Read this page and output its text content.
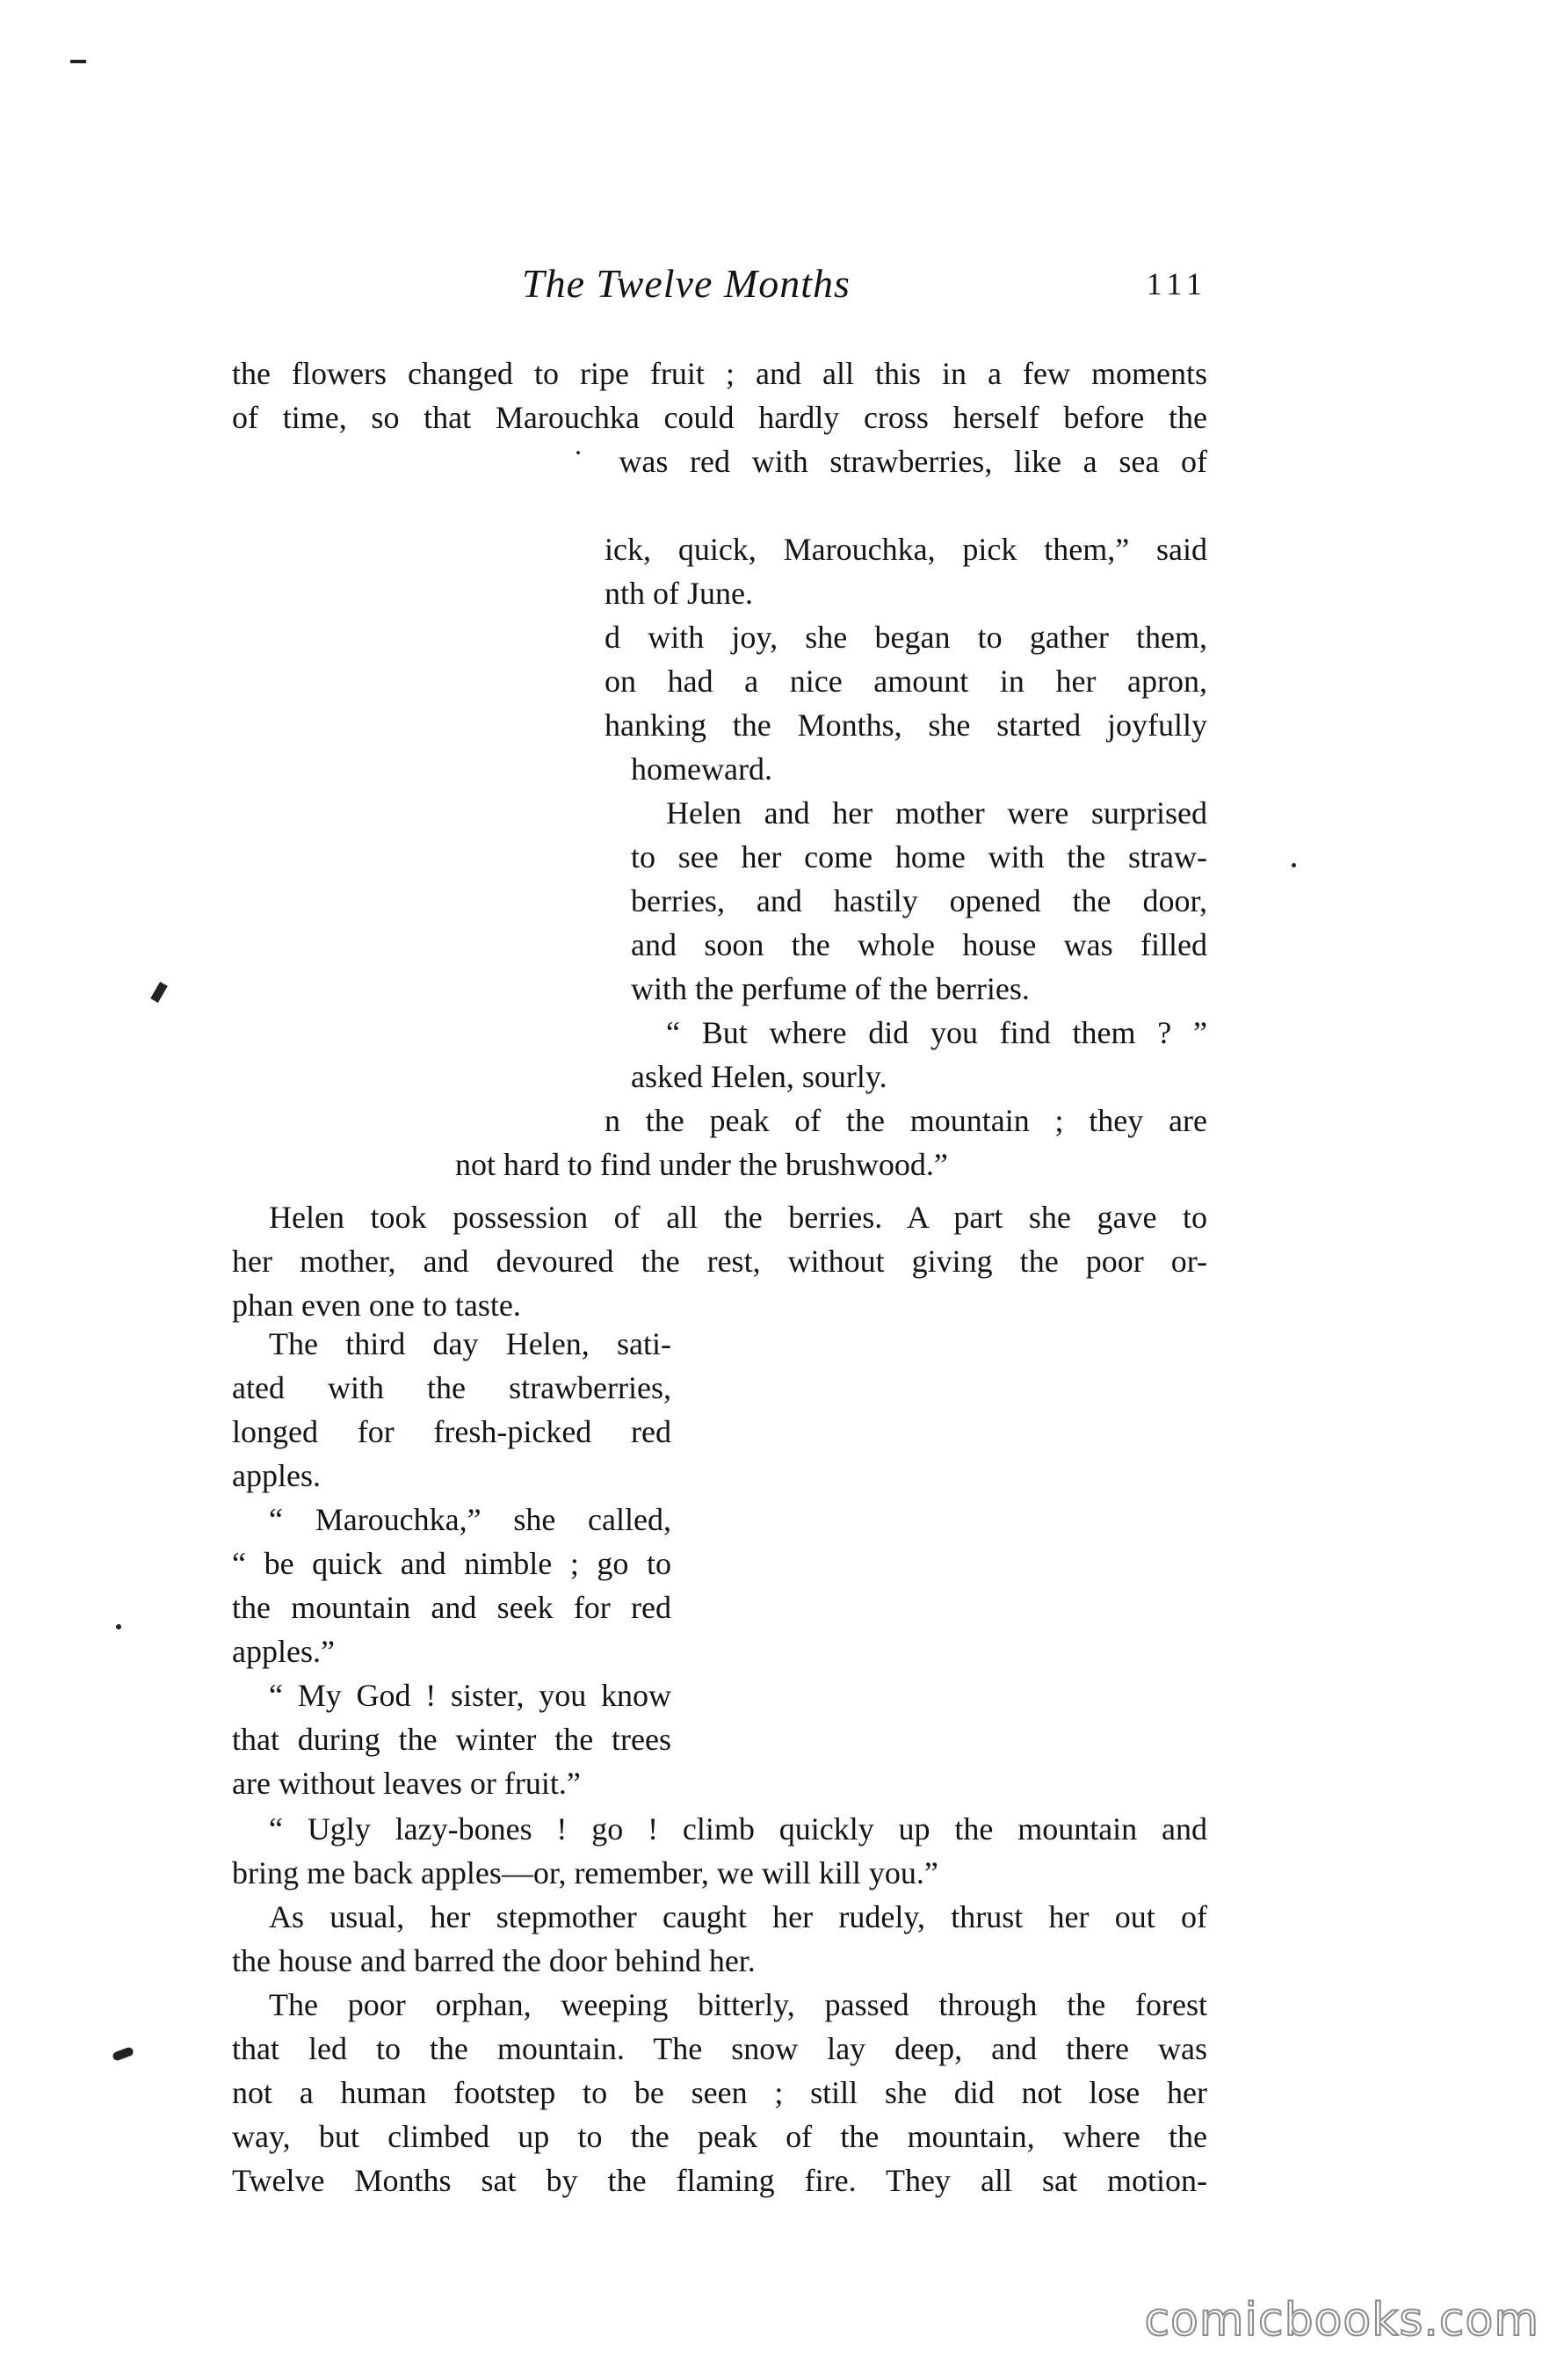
The Twelve Months	111
the flowers changed to ripe fruit ; and all this in a few moments
of time, so that Marouchka could hardly cross herself before the
˙ was red with strawberries, like a sea of
ick, quick, Marouchka, pick them,” said
nth of June.
d with joy, she began to gather them,
on had a nice amount in her apron,
hanking the Months, she started joyfully
homeward.
Helen and her mother were surprised
to see her come home with the straw-
berries, and hastily opened the door,
and soon the whole house was filled
with the perfume of the berries.
“ But where did you find them ? ”
asked Helen, sourly.
n the peak of the mountain ; they are
not hard to find under the brushwood.”
Helen took possession of all the berries. A part she gave to
her mother, and devoured the rest, without giving the poor or-
phan even one to taste.
The third day Helen, sati-
ated with the strawberries,
longed for fresh-picked red
apples.
“ Marouchka,” she called,
“ be quick and nimble ; go to
the mountain and seek for red
apples.”
“ My God ! sister, you know
that during the winter the trees
are without leaves or fruit.”
“ Ugly lazy-bones ! go ! climb quickly up the mountain and
bring me back apples—or, remember, we will kill you.”
As usual, her stepmother caught her rudely, thrust her out of
the house and barred the door behind her.
The poor orphan, weeping bitterly, passed through the forest
that led to the mountain. The snow lay deep, and there was
not a human footstep to be seen ; still she did not lose her
way, but climbed up to the peak of the mountain, where the
Twelve Months sat by the flaming fire. They all sat motion-
comicbooks.com
